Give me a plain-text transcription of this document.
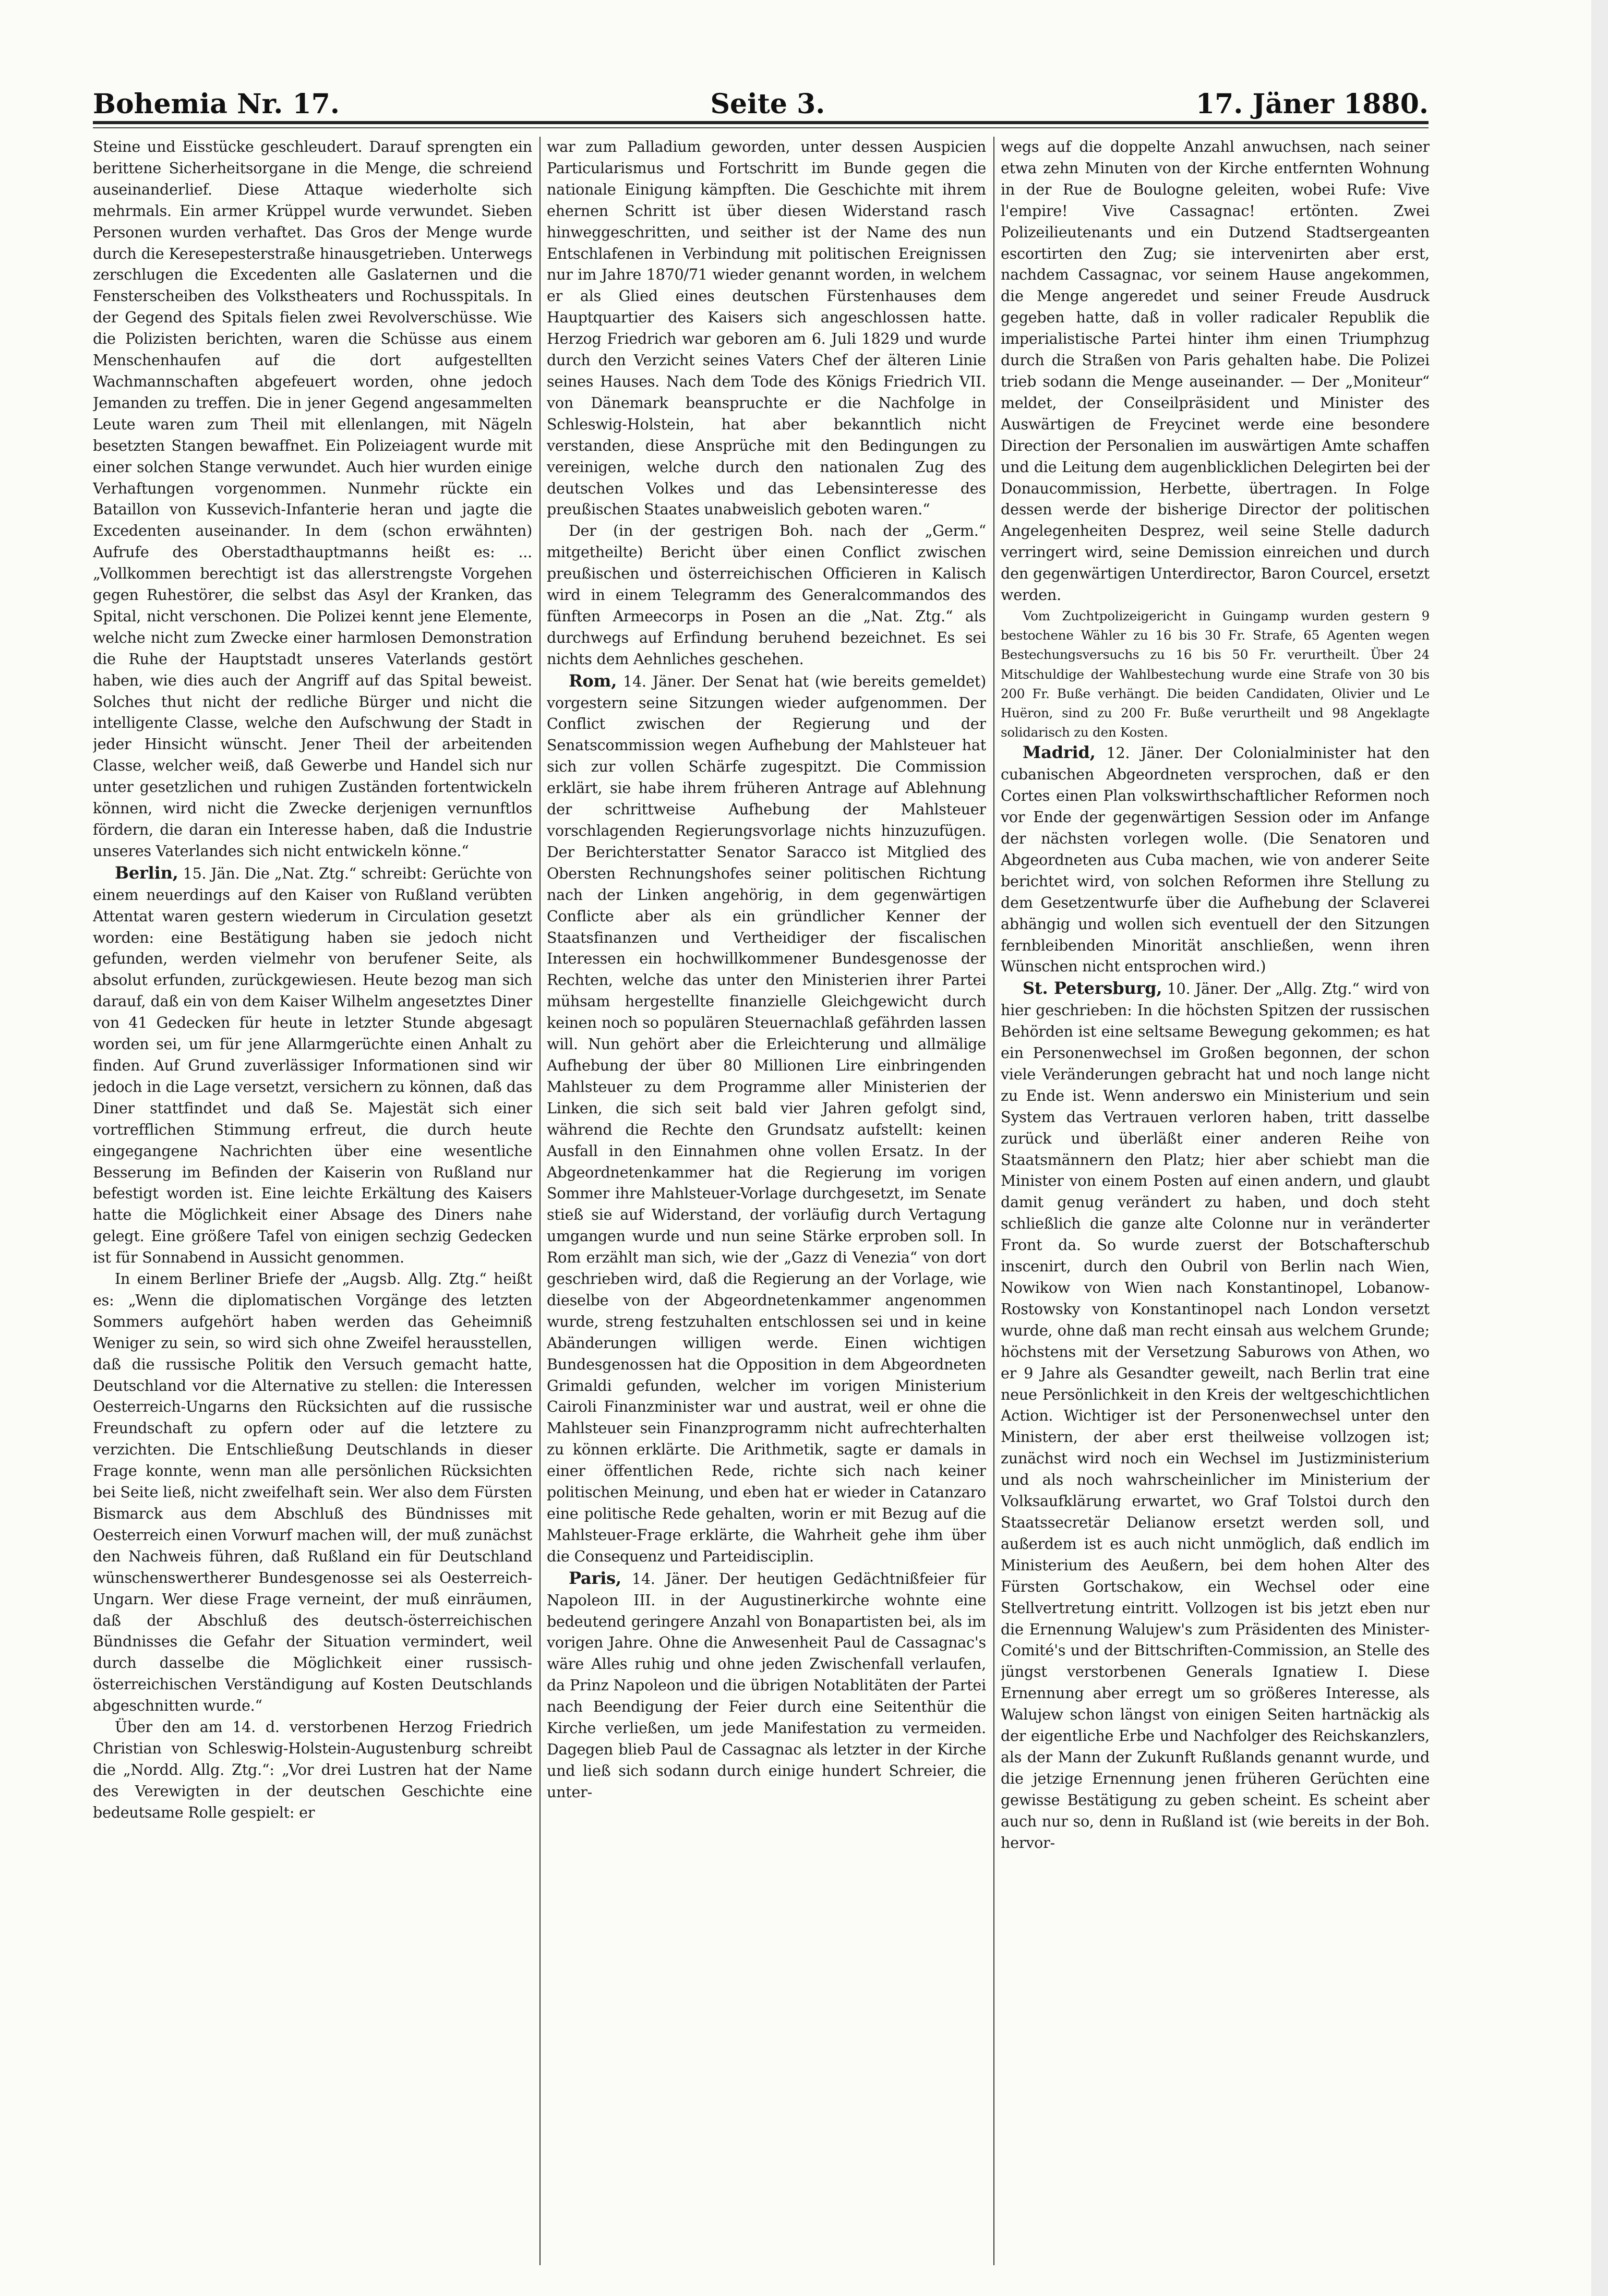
Bohemia Nr. 17.	Seite 3.	17. Jäner 1880.

Steine und Eisstücke geschleudert. Darauf sprengten ein berittene Sicherheitsorgane in die Menge, die schreiend auseinanderlief. Diese Attaque wiederholte sich mehrmals. Ein armer Krüppel wurde verwundet. Sieben Personen wurden verhaftet. Das Gros der Menge wurde durch die Keresepesterstraße hinausgetrieben. Unterwegs zerschlugen die Excedenten alle Gaslaternen und die Fensterscheiben des Volkstheaters und Rochusspitals. In der Gegend des Spitals fielen zwei Revolverschüsse. Wie die Polizisten berichten, waren die Schüsse aus einem Menschenhaufen auf die dort aufgestellten Wachmannschaften abgefeuert worden, ohne jedoch Jemanden zu treffen. Die in jener Gegend angesammelten Leute waren zum Theil mit ellenlangen, mit Nägeln besetzten Stangen bewaffnet. Ein Polizeiagent wurde mit einer solchen Stange verwundet. Auch hier wurden einige Verhaftungen vorgenommen. Nunmehr rückte ein Bataillon von Kussevich-Infanterie heran und jagte die Excedenten auseinander. In dem (schon erwähnten) Aufrufe des Oberstadthauptmanns heißt es: ... „Vollkommen berechtigt ist das allerstrengste Vorgehen gegen Ruhestörer, die selbst das Asyl der Kranken, das Spital, nicht verschonen. Die Polizei kennt jene Elemente, welche nicht zum Zwecke einer harmlosen Demonstration die Ruhe der Hauptstadt unseres Vaterlands gestört haben, wie dies auch der Angriff auf das Spital beweist. Solches thut nicht der redliche Bürger und nicht die intelligente Classe, welche den Aufschwung der Stadt in jeder Hinsicht wünscht. Jener Theil der arbeitenden Classe, welcher weiß, daß Gewerbe und Handel sich nur unter gesetzlichen und ruhigen Zuständen fortentwickeln können, wird nicht die Zwecke derjenigen vernunftlos fördern, die daran ein Interesse haben, daß die Industrie unseres Vaterlandes sich nicht entwickeln könne.“

Berlin, 15. Jän. Die „Nat. Ztg.“ schreibt: Gerüchte von einem neuerdings auf den Kaiser von Rußland verübten Attentat waren gestern wiederum in Circulation gesetzt worden: eine Bestätigung haben sie jedoch nicht gefunden, werden vielmehr von berufener Seite, als absolut erfunden, zurückgewiesen. Heute bezog man sich darauf, daß ein von dem Kaiser Wilhelm angesetztes Diner von 41 Gedecken für heute in letzter Stunde abgesagt worden sei, um für jene Allarmgerüchte einen Anhalt zu finden. Auf Grund zuverlässiger Informationen sind wir jedoch in die Lage versetzt, versichern zu können, daß das Diner stattfindet und daß Se. Majestät sich einer vortrefflichen Stimmung erfreut, die durch heute eingegangene Nachrichten über eine wesentliche Besserung im Befinden der Kaiserin von Rußland nur befestigt worden ist. Eine leichte Erkältung des Kaisers hatte die Möglichkeit einer Absage des Diners nahe gelegt. Eine größere Tafel von einigen sechzig Gedecken ist für Sonnabend in Aussicht genommen.

In einem Berliner Briefe der „Augsb. Allg. Ztg.“ heißt es: „Wenn die diplomatischen Vorgänge des letzten Sommers aufgehört haben werden das Geheimniß Weniger zu sein, so wird sich ohne Zweifel herausstellen, daß die russische Politik den Versuch gemacht hatte, Deutschland vor die Alternative zu stellen: die Interessen Oesterreich-Ungarns den Rücksichten auf die russische Freundschaft zu opfern oder auf die letztere zu verzichten. Die Entschließung Deutschlands in dieser Frage konnte, wenn man alle persönlichen Rücksichten bei Seite ließ, nicht zweifelhaft sein. Wer also dem Fürsten Bismarck aus dem Abschluß des Bündnisses mit Oesterreich einen Vorwurf machen will, der muß zunächst den Nachweis führen, daß Rußland ein für Deutschland wünschenswertherer Bundesgenosse sei als Oesterreich-Ungarn. Wer diese Frage verneint, der muß einräumen, daß der Abschluß des deutsch-österreichischen Bündnisses die Gefahr der Situation vermindert, weil durch dasselbe die Möglichkeit einer russisch-österreichischen Verständigung auf Kosten Deutschlands abgeschnitten wurde.“

Über den am 14. d. verstorbenen Herzog Friedrich Christian von Schleswig-Holstein-Augustenburg schreibt die „Nordd. Allg. Ztg.“: „Vor drei Lustren hat der Name des Verewigten in der deutschen Geschichte eine bedeutsame Rolle gespielt: er

war zum Palladium geworden, unter dessen Auspicien Particularismus und Fortschritt im Bunde gegen die nationale Einigung kämpften. Die Geschichte mit ihrem ehernen Schritt ist über diesen Widerstand rasch hinweggeschritten, und seither ist der Name des nun Entschlafenen in Verbindung mit politischen Ereignissen nur im Jahre 1870/71 wieder genannt worden, in welchem er als Glied eines deutschen Fürstenhauses dem Hauptquartier des Kaisers sich angeschlossen hatte. Herzog Friedrich war geboren am 6. Juli 1829 und wurde durch den Verzicht seines Vaters Chef der älteren Linie seines Hauses. Nach dem Tode des Königs Friedrich VII. von Dänemark beanspruchte er die Nachfolge in Schleswig-Holstein, hat aber bekanntlich nicht verstanden, diese Ansprüche mit den Bedingungen zu vereinigen, welche durch den nationalen Zug des deutschen Volkes und das Lebensinteresse des preußischen Staates unabweislich geboten waren.“

Der (in der gestrigen Boh. nach der „Germ.“ mitgetheilte) Bericht über einen Conflict zwischen preußischen und österreichischen Officieren in Kalisch wird in einem Telegramm des Generalcommandos des fünften Armeecorps in Posen an die „Nat. Ztg.“ als durchwegs auf Erfindung beruhend bezeichnet. Es sei nichts dem Aehnliches geschehen.

Rom, 14. Jäner. Der Senat hat (wie bereits gemeldet) vorgestern seine Sitzungen wieder aufgenommen. Der Conflict zwischen der Regierung und der Senatscommission wegen Aufhebung der Mahlsteuer hat sich zur vollen Schärfe zugespitzt. Die Commission erklärt, sie habe ihrem früheren Antrage auf Ablehnung der schrittweise Aufhebung der Mahlsteuer vorschlagenden Regierungsvorlage nichts hinzuzufügen. Der Berichterstatter Senator Saracco ist Mitglied des Obersten Rechnungshofes seiner politischen Richtung nach der Linken angehörig, in dem gegenwärtigen Conflicte aber als ein gründlicher Kenner der Staatsfinanzen und Vertheidiger der fiscalischen Interessen ein hochwillkommener Bundesgenosse der Rechten, welche das unter den Ministerien ihrer Partei mühsam hergestellte finanzielle Gleichgewicht durch keinen noch so populären Steuernachlaß gefährden lassen will. Nun gehört aber die Erleichterung und allmälige Aufhebung der über 80 Millionen Lire einbringenden Mahlsteuer zu dem Programme aller Ministerien der Linken, die sich seit bald vier Jahren gefolgt sind, während die Rechte den Grundsatz aufstellt: keinen Ausfall in den Einnahmen ohne vollen Ersatz. In der Abgeordnetenkammer hat die Regierung im vorigen Sommer ihre Mahlsteuer-Vorlage durchgesetzt, im Senate stieß sie auf Widerstand, der vorläufig durch Vertagung umgangen wurde und nun seine Stärke erproben soll. In Rom erzählt man sich, wie der „Gazz di Venezia“ von dort geschrieben wird, daß die Regierung an der Vorlage, wie dieselbe von der Abgeordnetenkammer angenommen wurde, streng festzuhalten entschlossen sei und in keine Abänderungen willigen werde. Einen wichtigen Bundesgenossen hat die Opposition in dem Abgeordneten Grimaldi gefunden, welcher im vorigen Ministerium Cairoli Finanzminister war und austrat, weil er ohne die Mahlsteuer sein Finanzprogramm nicht aufrechterhalten zu können erklärte. Die Arithmetik, sagte er damals in einer öffentlichen Rede, richte sich nach keiner politischen Meinung, und eben hat er wieder in Catanzaro eine politische Rede gehalten, worin er mit Bezug auf die Mahlsteuer-Frage erklärte, die Wahrheit gehe ihm über die Consequenz und Parteidisciplin.

Paris, 14. Jäner. Der heutigen Gedächtnißfeier für Napoleon III. in der Augustinerkirche wohnte eine bedeutend geringere Anzahl von Bonapartisten bei, als im vorigen Jahre. Ohne die Anwesenheit Paul de Cassagnac's wäre Alles ruhig und ohne jeden Zwischenfall verlaufen, da Prinz Napoleon und die übrigen Notablitäten der Partei nach Beendigung der Feier durch eine Seitenthür die Kirche verließen, um jede Manifestation zu vermeiden. Dagegen blieb Paul de Cassagnac als letzter in der Kirche und ließ sich sodann durch einige hundert Schreier, die unter-

wegs auf die doppelte Anzahl anwuchsen, nach seiner etwa zehn Minuten von der Kirche entfernten Wohnung in der Rue de Boulogne geleiten, wobei Rufe: Vive l'empire! Vive Cassagnac! ertönten. Zwei Polizeilieutenants und ein Dutzend Stadtsergeanten escortirten den Zug; sie intervenirten aber erst, nachdem Cassagnac, vor seinem Hause angekommen, die Menge angeredet und seiner Freude Ausdruck gegeben hatte, daß in voller radicaler Republik die imperialistische Partei hinter ihm einen Triumphzug durch die Straßen von Paris gehalten habe. Die Polizei trieb sodann die Menge auseinander. — Der „Moniteur“ meldet, der Conseilpräsident und Minister des Auswärtigen de Freycinet werde eine besondere Direction der Personalien im auswärtigen Amte schaffen und die Leitung dem augenblicklichen Delegirten bei der Donaucommission, Herbette, übertragen. In Folge dessen werde der bisherige Director der politischen Angelegenheiten Desprez, weil seine Stelle dadurch verringert wird, seine Demission einreichen und durch den gegenwärtigen Unterdirector, Baron Courcel, ersetzt werden.

Vom Zuchtpolizeigericht in Guingamp wurden gestern 9 bestochene Wähler zu 16 bis 30 Fr. Strafe, 65 Agenten wegen Bestechungsversuchs zu 16 bis 50 Fr. verurtheilt. Über 24 Mitschuldige der Wahlbestechung wurde eine Strafe von 30 bis 200 Fr. Buße verhängt. Die beiden Candidaten, Olivier und Le Huëron, sind zu 200 Fr. Buße verurtheilt und 98 Angeklagte solidarisch zu den Kosten.

Madrid, 12. Jäner. Der Colonialminister hat den cubanischen Abgeordneten versprochen, daß er den Cortes einen Plan volkswirthschaftlicher Reformen noch vor Ende der gegenwärtigen Session oder im Anfange der nächsten vorlegen wolle. (Die Senatoren und Abgeordneten aus Cuba machen, wie von anderer Seite berichtet wird, von solchen Reformen ihre Stellung zu dem Gesetzentwurfe über die Aufhebung der Sclaverei abhängig und wollen sich eventuell der den Sitzungen fernbleibenden Minorität anschließen, wenn ihren Wünschen nicht entsprochen wird.)

St. Petersburg, 10. Jäner. Der „Allg. Ztg.“ wird von hier geschrieben: In die höchsten Spitzen der russischen Behörden ist eine seltsame Bewegung gekommen; es hat ein Personenwechsel im Großen begonnen, der schon viele Veränderungen gebracht hat und noch lange nicht zu Ende ist. Wenn anderswo ein Ministerium und sein System das Vertrauen verloren haben, tritt dasselbe zurück und überläßt einer anderen Reihe von Staatsmännern den Platz; hier aber schiebt man die Minister von einem Posten auf einen andern, und glaubt damit genug verändert zu haben, und doch steht schließlich die ganze alte Colonne nur in veränderter Front da. So wurde zuerst der Botschafterschub inscenirt, durch den Oubril von Berlin nach Wien, Nowikow von Wien nach Konstantinopel, Lobanow-Rostowsky von Konstantinopel nach London versetzt wurde, ohne daß man recht einsah aus welchem Grunde; höchstens mit der Versetzung Saburows von Athen, wo er 9 Jahre als Gesandter geweilt, nach Berlin trat eine neue Persönlichkeit in den Kreis der weltgeschichtlichen Action. Wichtiger ist der Personenwechsel unter den Ministern, der aber erst theilweise vollzogen ist; zunächst wird noch ein Wechsel im Justizministerium und als noch wahrscheinlicher im Ministerium der Volksaufklärung erwartet, wo Graf Tolstoi durch den Staatssecretär Delianow ersetzt werden soll, und außerdem ist es auch nicht unmöglich, daß endlich im Ministerium des Aeußern, bei dem hohen Alter des Fürsten Gortschakow, ein Wechsel oder eine Stellvertretung eintritt. Vollzogen ist bis jetzt eben nur die Ernennung Walujew's zum Präsidenten des Minister-Comité's und der Bittschriften-Commission, an Stelle des jüngst verstorbenen Generals Ignatiew I. Diese Ernennung aber erregt um so größeres Interesse, als Walujew schon längst von einigen Seiten hartnäckig als der eigentliche Erbe und Nachfolger des Reichskanzlers, als der Mann der Zukunft Rußlands genannt wurde, und die jetzige Ernennung jenen früheren Gerüchten eine gewisse Bestätigung zu geben scheint. Es scheint aber auch nur so, denn in Rußland ist (wie bereits in der Boh. hervor-
